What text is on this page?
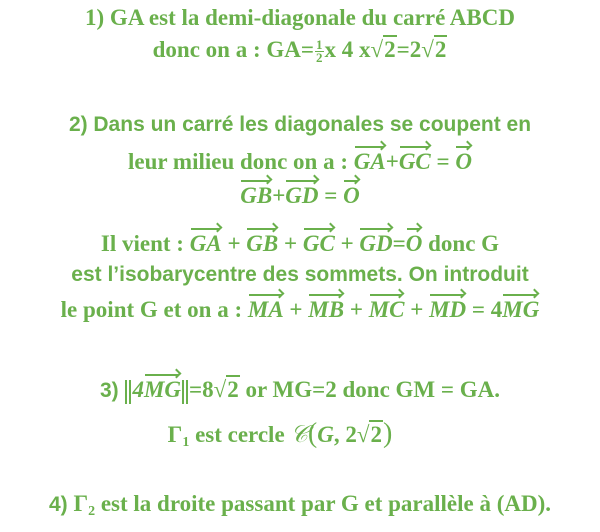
1) GA est la demi-diagonale du carré ABCD
donc on a : $GA= \frac{1}{2}$ x 4 x√2=2√2
2) Dans un carré les diagonales se coupent en
leur milieu donc on a : GA+GC = O
GB+GD = O
Il vient : GA + GB + GC + GD=O donc G
est l’isobarycentre des sommets. On introduit
le point G et on a : MA + MB + MC + MD = 4MG
3) 4MG =8√2 or MG=2 donc GM = GA.
$\Gamma_1$ est cercle 𝒞(G, 2√2)
4) $\Gamma_2$ est la droite passant par G et parallèle à (AD).
